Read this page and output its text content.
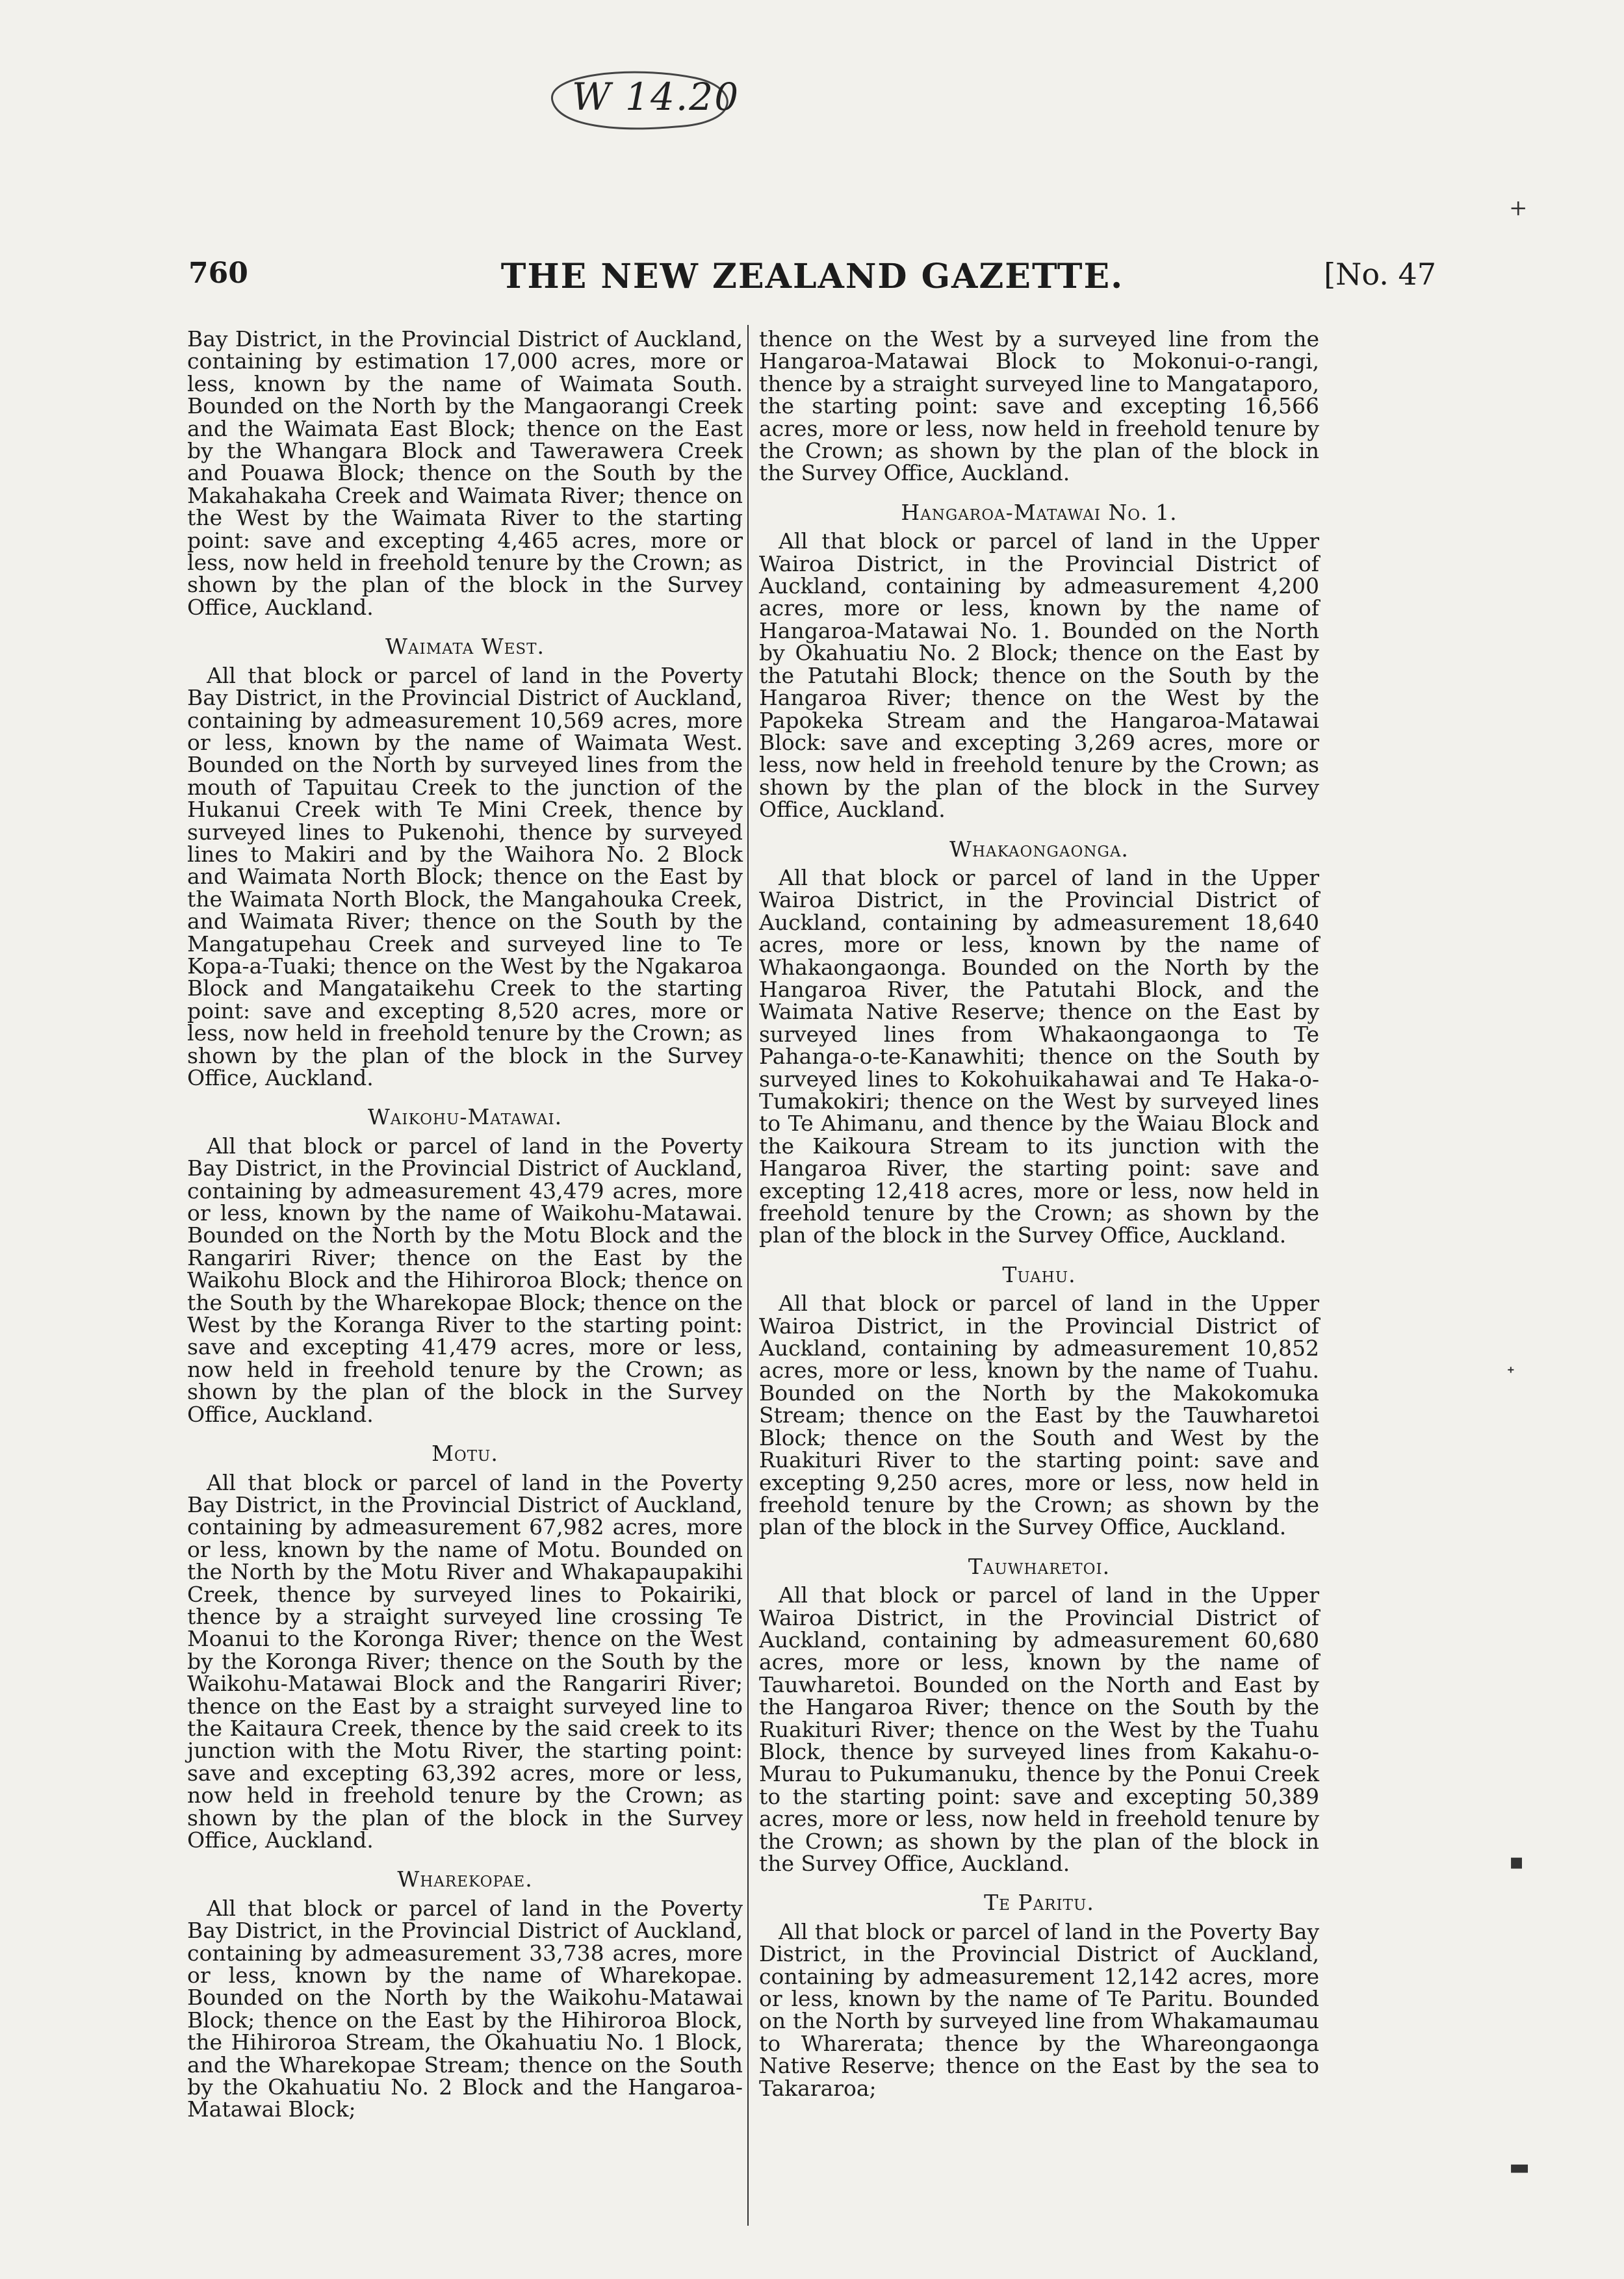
W 14.20
760	THE NEW ZEALAND GAZETTE.	[No. 47

Bay District, in the Provincial District of Auckland, containing by estimation 17,000 acres, more or less, known by the name of Waimata South. Bounded on the North by the Mangaorangi Creek and the Waimata East Block; thence on the East by the Whangara Block and Tawerawera Creek and Pouawa Block; thence on the South by the Makahakaha Creek and Waimata River; thence on the West by the Waimata River to the starting point: save and excepting 4,465 acres, more or less, now held in freehold tenure by the Crown; as shown by the plan of the block in the Survey Office, Auckland.

Waimata West.

All that block or parcel of land in the Poverty Bay District, in the Provincial District of Auckland, containing by admeasurement 10,569 acres, more or less, known by the name of Waimata West. Bounded on the North by surveyed lines from the mouth of Tapuitau Creek to the junction of the Hukanui Creek with Te Mini Creek, thence by surveyed lines to Pukenohi, thence by surveyed lines to Makiri and by the Waihora No. 2 Block and Waimata North Block; thence on the East by the Waimata North Block, the Mangahouka Creek, and Waimata River; thence on the South by the Mangatupehau Creek and surveyed line to Te Kopa-a-Tuaki; thence on the West by the Ngakaroa Block and Mangataikehu Creek to the starting point: save and excepting 8,520 acres, more or less, now held in freehold tenure by the Crown; as shown by the plan of the block in the Survey Office, Auckland.

Waikohu-Matawai.

All that block or parcel of land in the Poverty Bay District, in the Provincial District of Auckland, containing by admeasurement 43,479 acres, more or less, known by the name of Waikohu-Matawai. Bounded on the North by the Motu Block and the Rangariri River; thence on the East by the Waikohu Block and the Hihiroroa Block; thence on the South by the Wharekopae Block; thence on the West by the Koranga River to the starting point: save and excepting 41,479 acres, more or less, now held in freehold tenure by the Crown; as shown by the plan of the block in the Survey Office, Auckland.

Motu.

All that block or parcel of land in the Poverty Bay District, in the Provincial District of Auckland, containing by admeasurement 67,982 acres, more or less, known by the name of Motu. Bounded on the North by the Motu River and Whakapaupakihi Creek, thence by surveyed lines to Pokairiki, thence by a straight surveyed line crossing Te Moanui to the Koronga River; thence on the West by the Koronga River; thence on the South by the Waikohu-Matawai Block and the Rangariri River; thence on the East by a straight surveyed line to the Kaitaura Creek, thence by the said creek to its junction with the Motu River, the starting point: save and excepting 63,392 acres, more or less, now held in freehold tenure by the Crown; as shown by the plan of the block in the Survey Office, Auckland.

Wharekopae.

All that block or parcel of land in the Poverty Bay District, in the Provincial District of Auckland, containing by admeasurement 33,738 acres, more or less, known by the name of Wharekopae. Bounded on the North by the Waikohu-Matawai Block; thence on the East by the Hihiroroa Block, the Hihiroroa Stream, the Okahuatiu No. 1 Block, and the Wharekopae Stream; thence on the South by the Okahuatiu No. 2 Block and the Hangaroa-Matawai Block;

thence on the West by a surveyed line from the Hangaroa-Matawai Block to Mokonui-o-rangi, thence by a straight surveyed line to Mangataporo, the starting point: save and excepting 16,566 acres, more or less, now held in freehold tenure by the Crown; as shown by the plan of the block in the Survey Office, Auckland.

Hangaroa-Matawai No. 1.

All that block or parcel of land in the Upper Wairoa District, in the Provincial District of Auckland, containing by admeasurement 4,200 acres, more or less, known by the name of Hangaroa-Matawai No. 1. Bounded on the North by Okahuatiu No. 2 Block; thence on the East by the Patutahi Block; thence on the South by the Hangaroa River; thence on the West by the Papokeka Stream and the Hangaroa-Matawai Block: save and excepting 3,269 acres, more or less, now held in freehold tenure by the Crown; as shown by the plan of the block in the Survey Office, Auckland.

Whakaongaonga.

All that block or parcel of land in the Upper Wairoa District, in the Provincial District of Auckland, containing by admeasurement 18,640 acres, more or less, known by the name of Whakaongaonga. Bounded on the North by the Hangaroa River, the Patutahi Block, and the Waimata Native Reserve; thence on the East by surveyed lines from Whakaongaonga to Te Pahanga-o-te-Kanawhiti; thence on the South by surveyed lines to Kokohuikahawai and Te Haka-o-Tumakokiri; thence on the West by surveyed lines to Te Ahimanu, and thence by the Waiau Block and the Kaikoura Stream to its junction with the Hangaroa River, the starting point: save and excepting 12,418 acres, more or less, now held in freehold tenure by the Crown; as shown by the plan of the block in the Survey Office, Auckland.

Tuahu.

All that block or parcel of land in the Upper Wairoa District, in the Provincial District of Auckland, containing by admeasurement 10,852 acres, more or less, known by the name of Tuahu. Bounded on the North by the Makokomuka Stream; thence on the East by the Tauwharetoi Block; thence on the South and West by the Ruakituri River to the starting point: save and excepting 9,250 acres, more or less, now held in freehold tenure by the Crown; as shown by the plan of the block in the Survey Office, Auckland.

Tauwharetoi.

All that block or parcel of land in the Upper Wairoa District, in the Provincial District of Auckland, containing by admeasurement 60,680 acres, more or less, known by the name of Tauwharetoi. Bounded on the North and East by the Hangaroa River; thence on the South by the Ruakituri River; thence on the West by the Tuahu Block, thence by surveyed lines from Kakahu-o-Murau to Pukumanuku, thence by the Ponui Creek to the starting point: save and excepting 50,389 acres, more or less, now held in freehold tenure by the Crown; as shown by the plan of the block in the Survey Office, Auckland.

Te Paritu.

All that block or parcel of land in the Poverty Bay District, in the Provincial District of Auckland, containing by admeasurement 12,142 acres, more or less, known by the name of Te Paritu. Bounded on the North by surveyed line from Whakamaumau to Wharerata; thence by the Whareongaonga Native Reserve; thence on the East by the sea to Takararoa;

+
ᐩ
▪
▬
